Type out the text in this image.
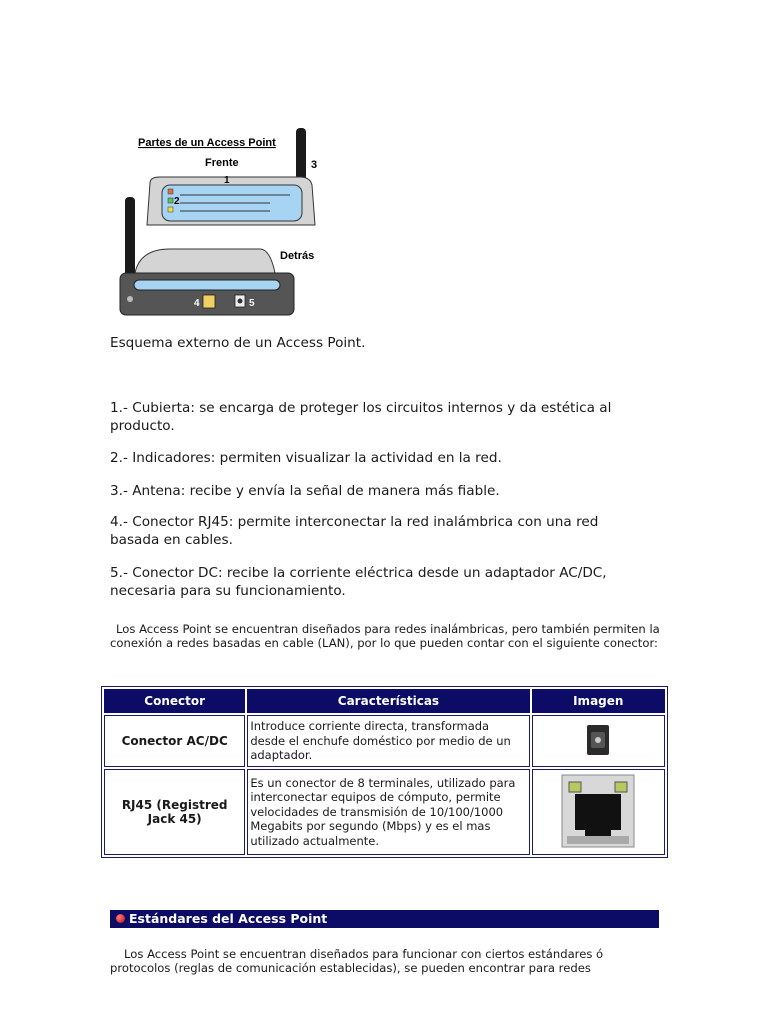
Partes de un Access Point
Frente	3
1
2
Detrás
4	5

Esquema externo de un Access Point.

1.- Cubierta: se encarga de proteger los circuitos internos y da estética al producto.

2.- Indicadores: permiten visualizar la actividad en la red.

3.- Antena: recibe y envía la señal de manera más fiable.

4.- Conector RJ45: permite interconectar la red inalámbrica con una red basada en cables.

5.- Conector DC: recibe la corriente eléctrica desde un adaptador AC/DC, necesaria para su funcionamiento.

Los Access Point se encuentran diseñados para redes inalámbricas, pero también permiten la conexión a redes basadas en cable (LAN), por lo que pueden contar con el siguiente conector:

Conector	Características	Imagen
Conector AC/DC	Introduce corriente directa, transformada desde el enchufe doméstico por medio de un adaptador.	
RJ45 (Registred Jack 45)	Es un conector de 8 terminales, utilizado para interconectar equipos de cómputo, permite velocidades de transmisión de 10/100/1000 Megabits por segundo (Mbps) y es el mas utilizado actualmente.	
Estándares del Access Point

Los Access Point se encuentran diseñados para funcionar con ciertos estándares ó protocolos (reglas de comunicación establecidas), se pueden encontrar para redes
